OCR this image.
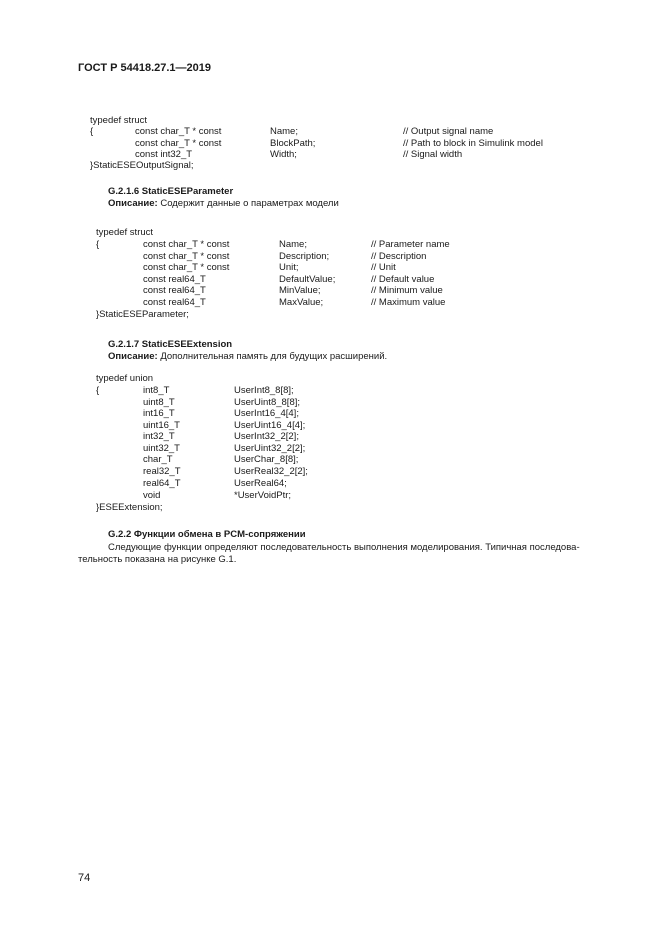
ГОСТ Р 54418.27.1—2019
typedef struct
{	const char_T * const	Name;	// Output signal name
const char_T * const	BlockPath;	// Path to block in Simulink model
const int32_T	Width;	// Signal width
}StaticESEOutputSignal;
G.2.1.6 StaticESEParameter
Описание: Содержит данные о параметрах модели
typedef struct
{	const char_T * const	Name;	// Parameter name
const char_T * const	Description;	// Description
const char_T * const	Unit;	// Unit
const real64_T	DefaultValue;	// Default value
const real64_T	MinValue;	// Minimum value
const real64_T	MaxValue;	// Maximum value
}StaticESEParameter;
G.2.1.7 StaticESEExtension
Описание: Дополнительная память для будущих расширений.
typedef union
{	int8_T	UserInt8_8[8];
uint8_T	UserUint8_8[8];
int16_T	UserInt16_4[4];
uint16_T	UserUint16_4[4];
int32_T	UserInt32_2[2];
uint32_T	UserUint32_2[2];
char_T	UserChar_8[8];
real32_T	UserReal32_2[2];
real64_T	UserReal64;
void	*UserVoidPtr;
}ESEExtension;
G.2.2 Функции обмена в PCM-сопряжении
Следующие функции определяют последовательность выполнения моделирования. Типичная последова-
тельность показана на рисунке G.1.
74
